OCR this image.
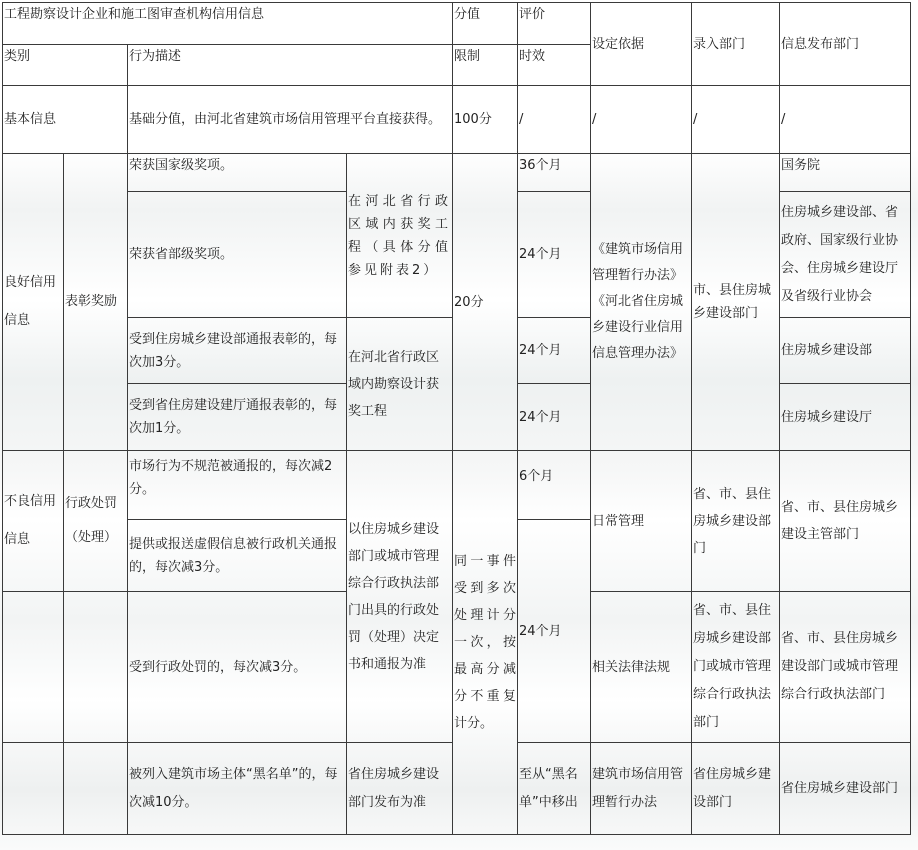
工程勘察设计企业和施工图审查机构信用信息				分值	评价	设定依据	录入部门	信息发布部门
类别		行为描述		限制	时效			
基本信息		基础分值，由河北省建筑市场信用管理平台直接获得。		100分	/	/	/	/
良好信用信息	表彰奖励	荣获国家级奖项。	在河北省行政区域内获奖工程（具体分值参见附表2）	20分	36个月	《建筑市场信用管理暂行办法》 《河北省住房城乡建设行业信用信息管理办法》	市、县住房城乡建设部门	国务院
		荣获省部级奖项。			24个月			住房城乡建设部、省政府、国家级行业协会、住房城乡建设厅及省级行业协会
		受到住房城乡建设部通报表彰的，每次加3分。	在河北省行政区域内勘察设计获奖工程		24个月			住房城乡建设部
		受到省住房建设建厅通报表彰的，每次加1分。			24个月			住房城乡建设厅
不良信用信息	行政处罚（处理）	市场行为不规范被通报的，每次减2分。	以住房城乡建设部门或城市管理综合行政执法部门出具的行政处罚（处理）决定书和通报为准	同一事件受到多次处理计分一次，按最高分减分不重复计分。	6个月	日常管理	省、市、县住房城乡建设部门	省、市、县住房城乡建设主管部门
		提供或报送虚假信息被行政机关通报的，每次减3分。			24个月			
		受到行政处罚的，每次减3分。				相关法律法规	省、市、县住房城乡建设部门或城市管理综合行政执法部门	省、市、县住房城乡建设部门或城市管理综合行政执法部门
		被列入建筑市场主体“黑名单”的，每次减10分。	省住房城乡建设部门发布为准		至从“黑名单”中移出	建筑市场信用管理暂行办法	省住房城乡建设部门	省住房城乡建设部门
